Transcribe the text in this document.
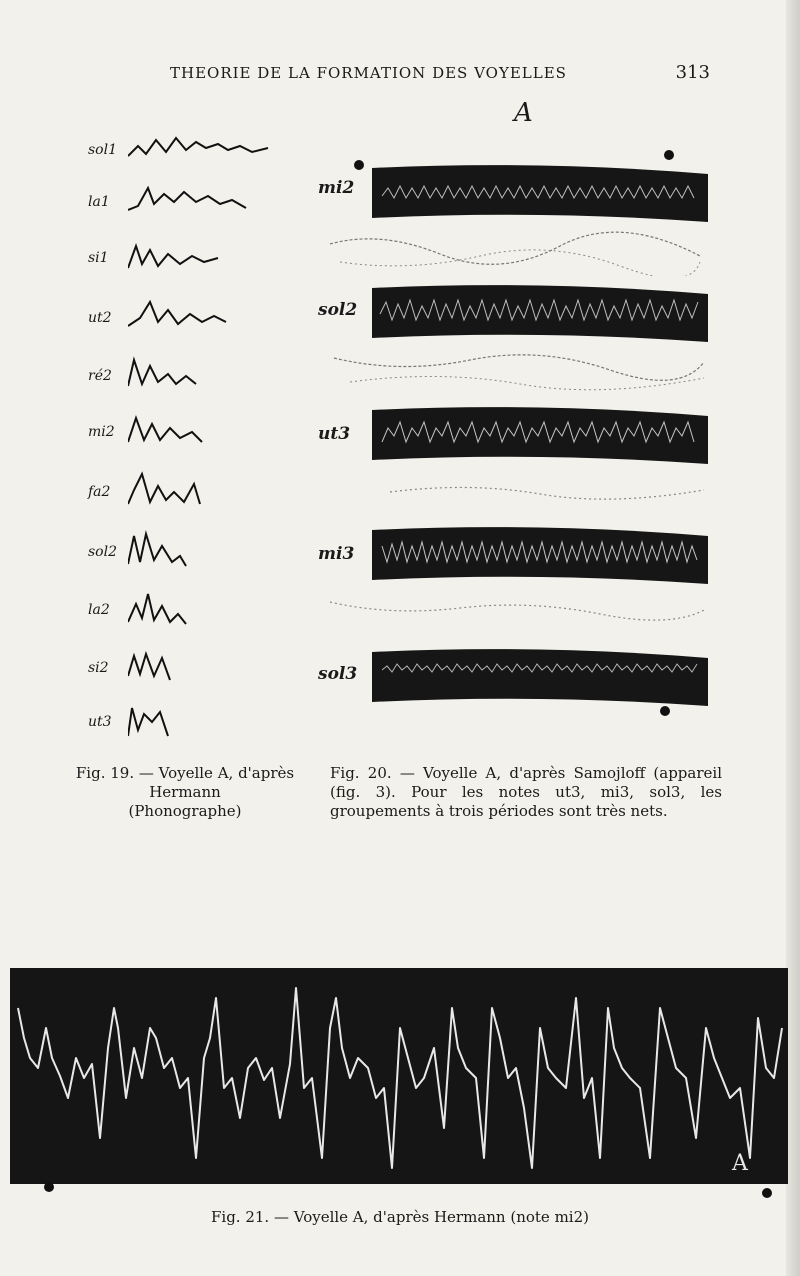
THEORIE DE LA FORMATION DES VOYELLES	313
A
sol1
la1
si1
ut2
ré2
mi2
fa2
sol2
la2
si2
ut3
mi2
sol2
ut3
mi3
sol3
Fig. 19. — Voyelle A, d'après
Hermann
(Phonographe)
Fig. 20. — Voyelle A, d'après Samojloff (appareil (fig. 3). Pour les notes ut3, mi3, sol3, les groupements à trois périodes sont très nets.
A
Fig. 21. — Voyelle A, d'après Hermann (note mi2)
